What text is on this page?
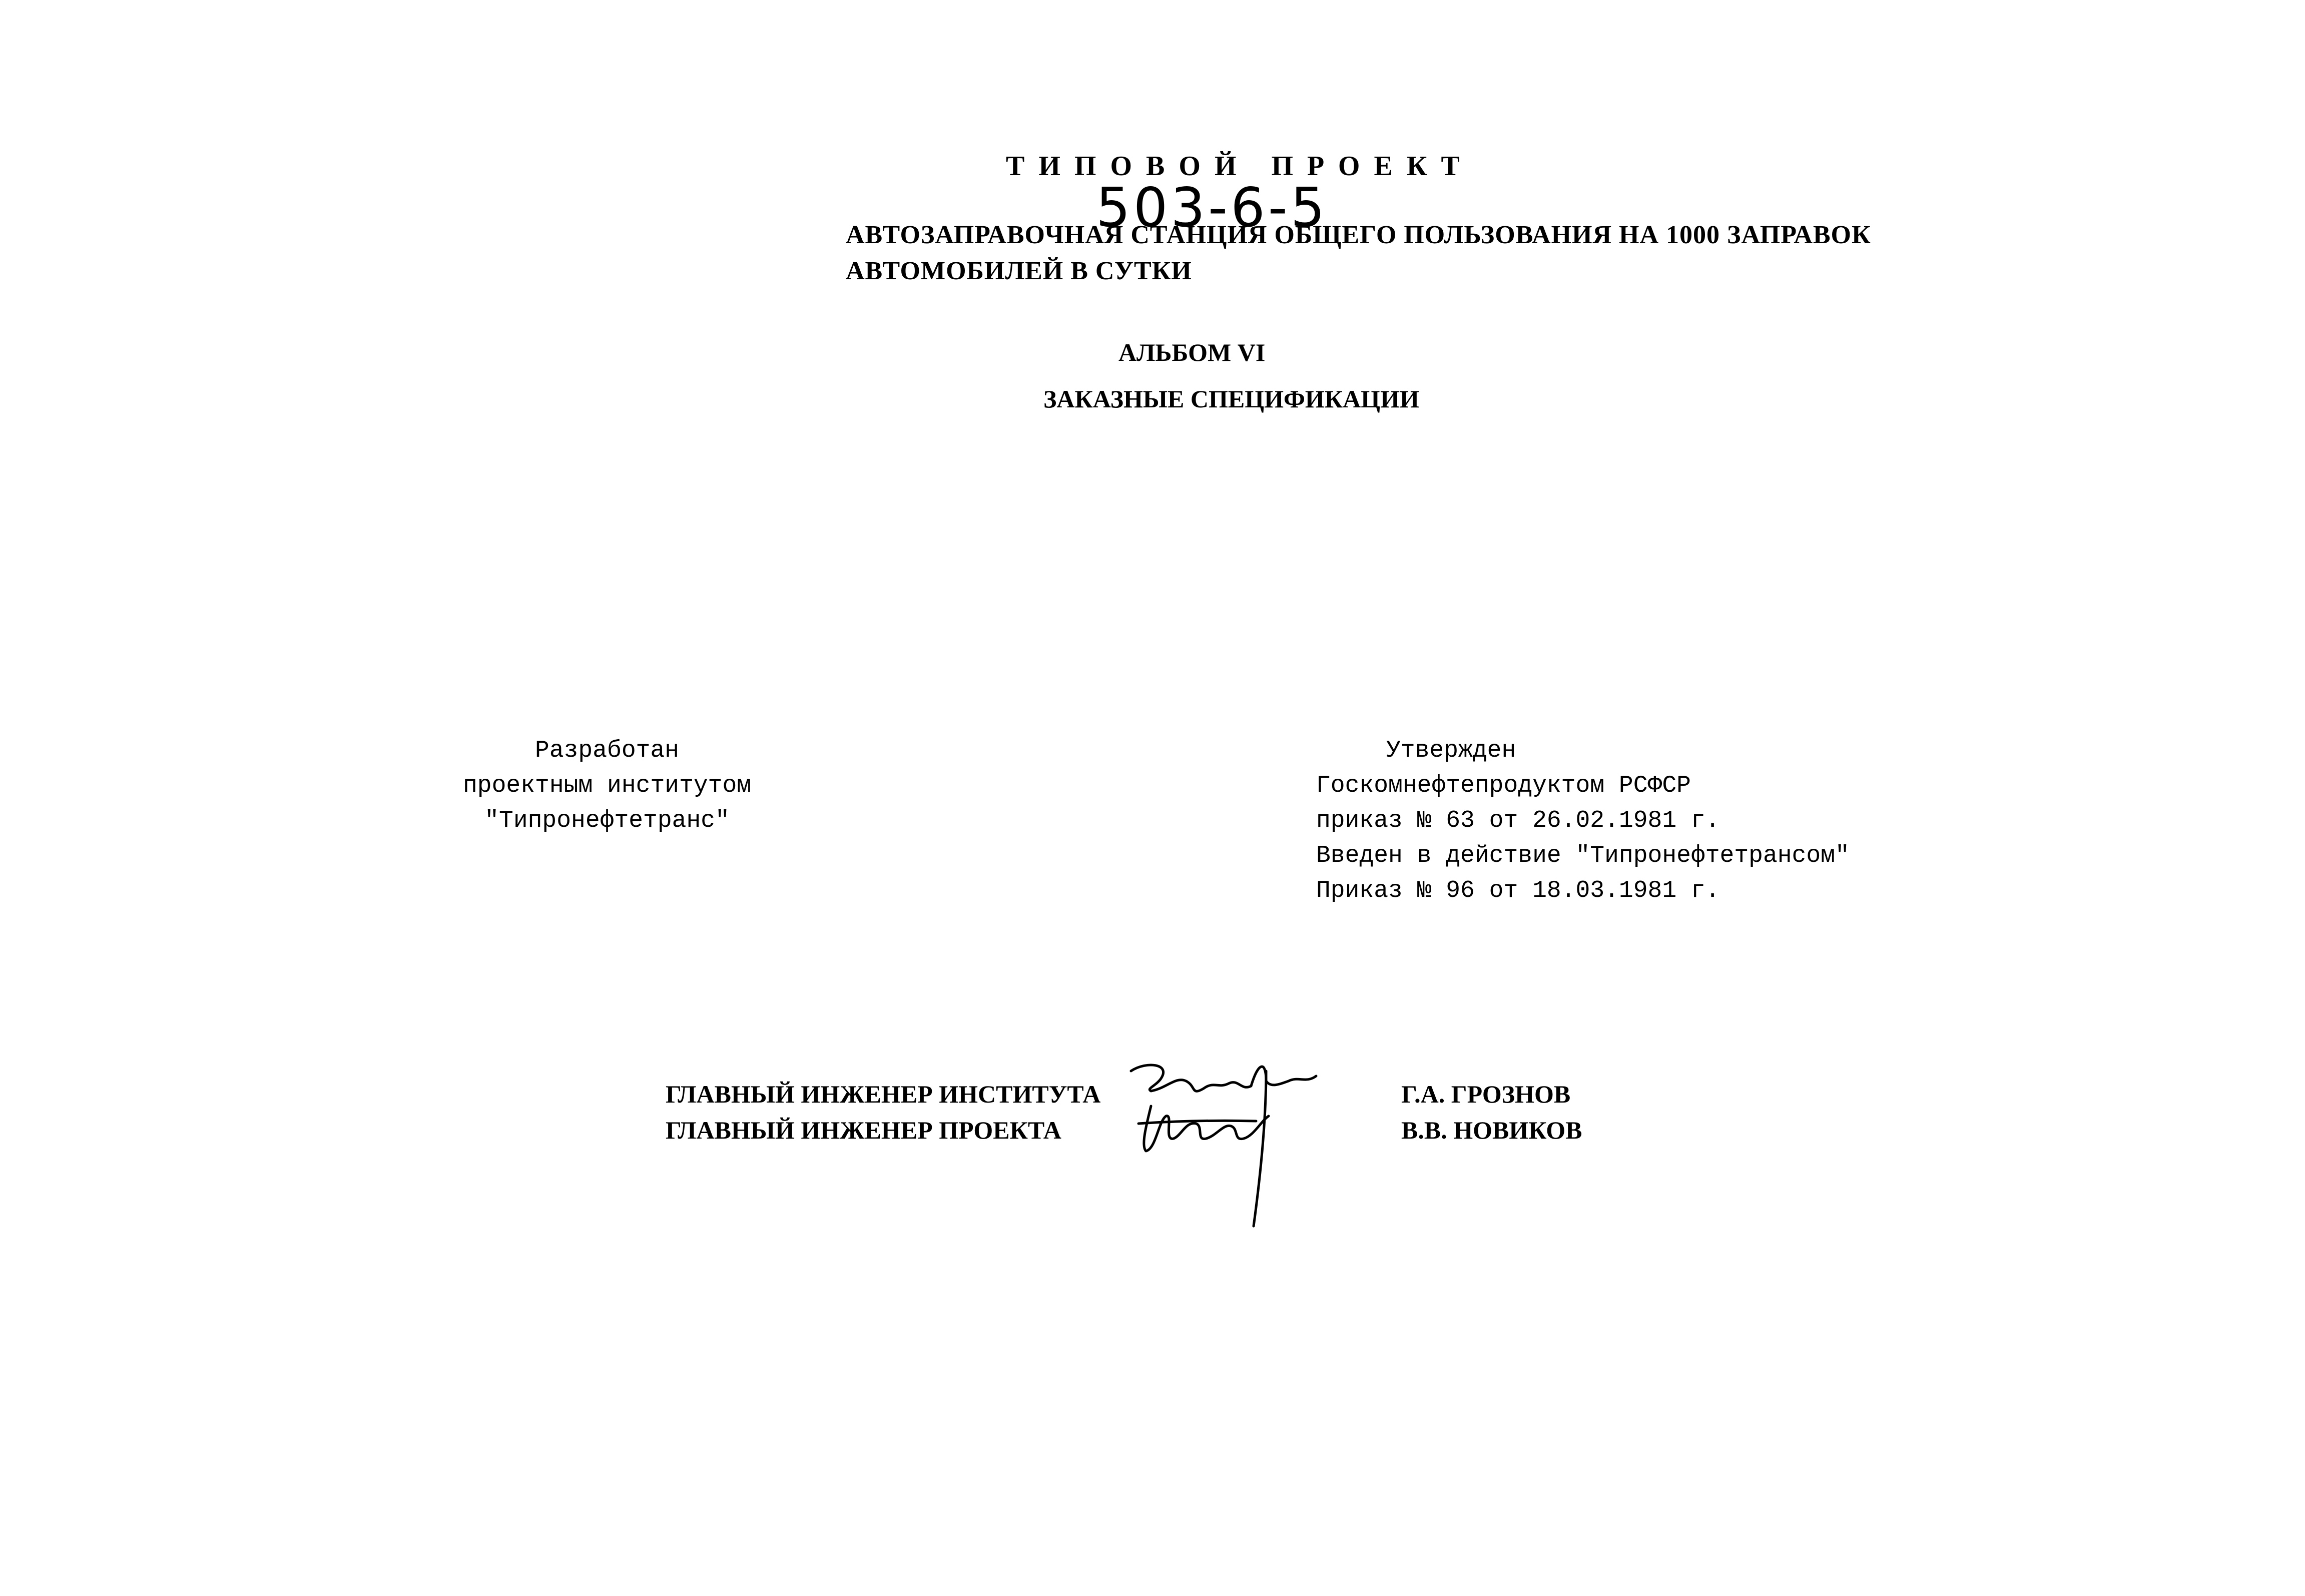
ТИПОВОЙ ПРОЕКТ
503-6-5
АВТОЗАПРАВОЧНАЯ СТАНЦИЯ ОБЩЕГО ПОЛЬЗОВАНИЯ НА 1000 ЗАПРАВОК
АВТОМОБИЛЕЙ В СУТКИ
АЛЬБОМ VI
ЗАКАЗНЫЕ СПЕЦИФИКАЦИИ
Разработан
проектным институтом
"Типронефтетранс"
Утвержден
Госкомнефтепродуктом РСФСР
приказ № 63 от 26.02.1981 г.
Введен в действие "Типронефтетрансом"
Приказ № 96 от 18.03.1981 г.
ГЛАВНЫЙ ИНЖЕНЕР ИНСТИТУТА
ГЛАВНЫЙ ИНЖЕНЕР ПРОЕКТА
Г.А. ГРОЗНОВ
В.В. НОВИКОВ
